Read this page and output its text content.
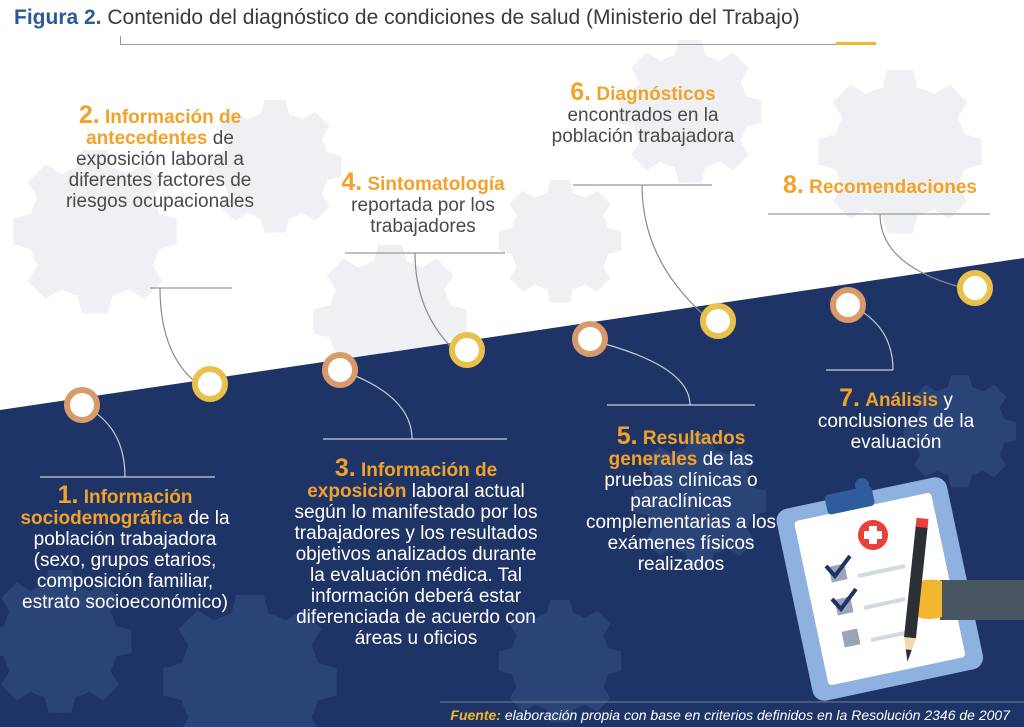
Figura 2. Contenido del diagnóstico de condiciones de salud (Ministerio del Trabajo)
1. Información sociodemográfica de la población trabajadora (sexo, grupos etarios, composición familiar, estrato socioeconómico)
2. Información de antecedentes de exposición laboral a diferentes factores de riesgos ocupacionales
3. Información de exposición laboral actual según lo manifestado por los trabajadores y los resultados objetivos analizados durante la evaluación médica. Tal información deberá estar diferenciada de acuerdo con áreas u oficios
4. Sintomatología reportada por los trabajadores
5. Resultados generales de las pruebas clínicas o paraclínicas complementarias a los exámenes físicos realizados
6. Diagnósticos encontrados en la población trabajadora
7. Análisis y conclusiones de la evaluación
8. Recomendaciones
Fuente: elaboración propia con base en criterios definidos en la Resolución 2346 de 2007
